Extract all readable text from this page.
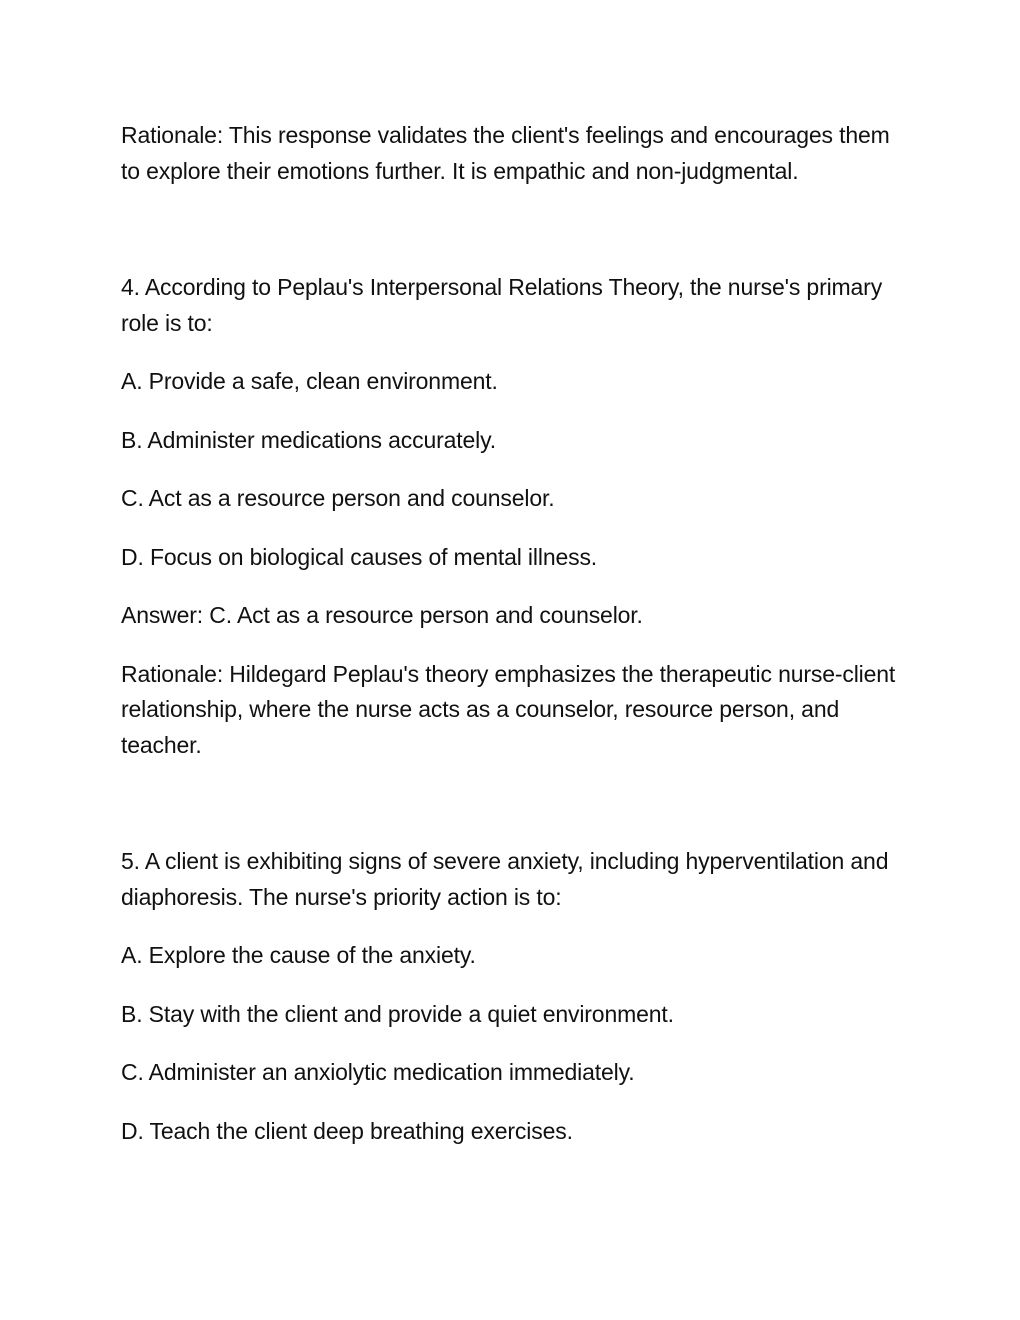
Rationale: This response validates the client's feelings and encourages them to explore their emotions further. It is empathic and non-judgmental.

4. According to Peplau's Interpersonal Relations Theory, the nurse's primary role is to:

A. Provide a safe, clean environment.

B. Administer medications accurately.

C. Act as a resource person and counselor.

D. Focus on biological causes of mental illness.

Answer: C. Act as a resource person and counselor.

Rationale: Hildegard Peplau's theory emphasizes the therapeutic nurse-client relationship, where the nurse acts as a counselor, resource person, and teacher.

5. A client is exhibiting signs of severe anxiety, including hyperventilation and diaphoresis. The nurse's priority action is to:

A. Explore the cause of the anxiety.

B. Stay with the client and provide a quiet environment.

C. Administer an anxiolytic medication immediately.

D. Teach the client deep breathing exercises.
